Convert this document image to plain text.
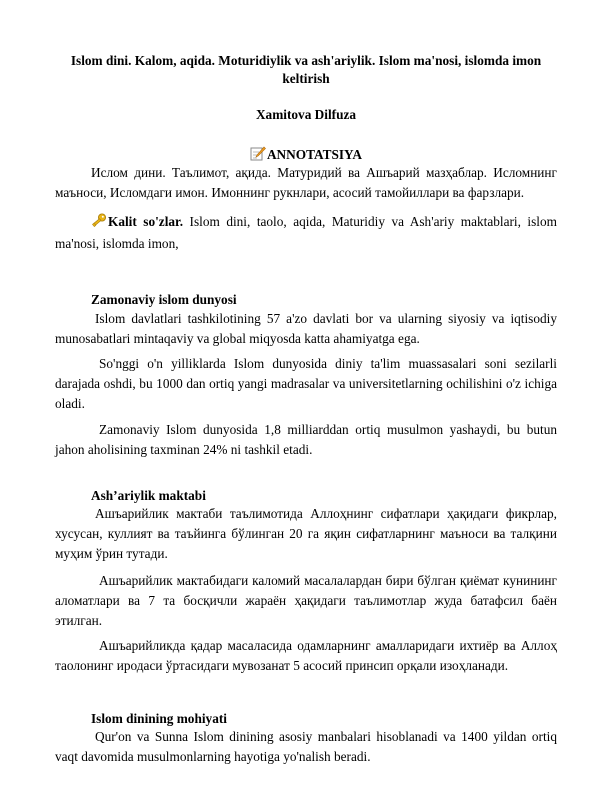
Islom dini. Kalom, aqida. Moturidiylik va ash'ariylik. Islom ma'nosi, islomda imon keltirish
Xamitova Dilfuza
ANNOTATSIYA
Ислом дини. Таълимот, ақида. Матуридий ва Ашъарий мазҳаблар. Исломнинг маъноси, Исломдаги имон. Имоннинг рукнлари, асосий тамойиллари ва фарзлари.
Kalit so'zlar. Islom dini, taolo, aqida, Maturidiy va Ash'ariy maktablari, islom ma'nosi, islomda imon,
Zamonaviy islom dunyosi
Islom davlatlari tashkilotining 57 a'zo davlati bor va ularning siyosiy va iqtisodiy munosabatlari mintaqaviy va global miqyosda katta ahamiyatga ega.
So'nggi o'n yilliklarda Islom dunyosida diniy ta'lim muassasalari soni sezilarli darajada oshdi, bu 1000 dan ortiq yangi madrasalar va universitetlarning ochilishini o'z ichiga oladi.
Zamonaviy Islom dunyosida 1,8 milliarddan ortiq musulmon yashaydi, bu butun jahon aholisining taxminan 24% ni tashkil etadi.
Ash’ariylik maktabi
Ашъарийлик мактаби таълимотида Аллоҳнинг сифатлари ҳақидаги фикрлар, хусусан, куллият ва таъйинга бўлинган 20 га яқин сифатларнинг маъноси ва талқини муҳим ўрин тутади.
Ашъарийлик мактабидаги каломий масалалардан бири бўлган қиёмат кунининг аломатлари ва 7 та босқичли жараён ҳақидаги таълимотлар жуда батафсил баён этилган.
Ашъарийликда қадар масаласида одамларнинг амалларидаги ихтиёр ва Аллоҳ таолонинг иродаси ўртасидаги мувозанат 5 асосий принсип орқали изоҳланади.
Islom dinining mohiyati
Qur'on va Sunna Islom dinining asosiy manbalari hisoblanadi va 1400 yildan ortiq vaqt davomida musulmonlarning hayotiga yo'nalish beradi.
